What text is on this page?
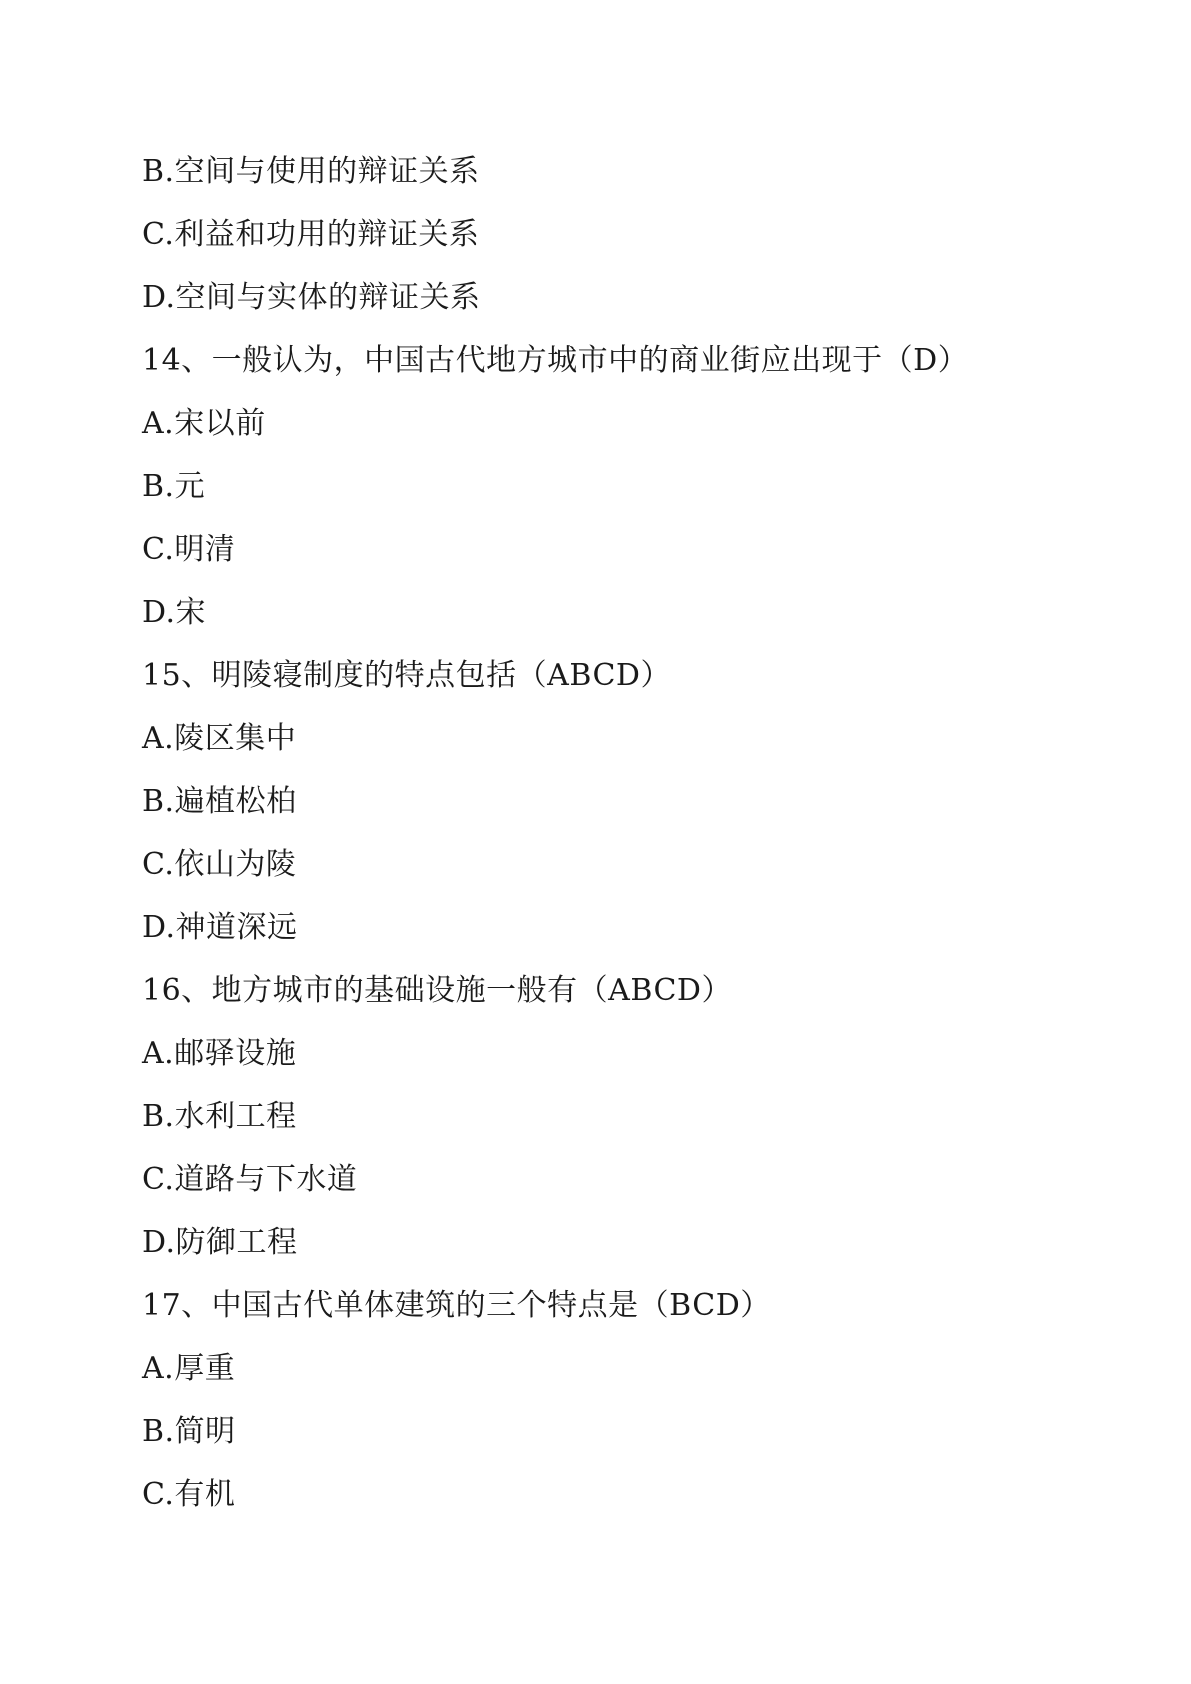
B.空间与使用的辩证关系
C.利益和功用的辩证关系
D.空间与实体的辩证关系
14、一般认为，中国古代地方城市中的商业街应出现于（D）
A.宋以前
B.元
C.明清
D.宋
15、明陵寝制度的特点包括（ABCD）
A.陵区集中
B.遍植松柏
C.依山为陵
D.神道深远
16、地方城市的基础设施一般有（ABCD）
A.邮驿设施
B.水利工程
C.道路与下水道
D.防御工程
17、中国古代单体建筑的三个特点是（BCD）
A.厚重
B.简明
C.有机
